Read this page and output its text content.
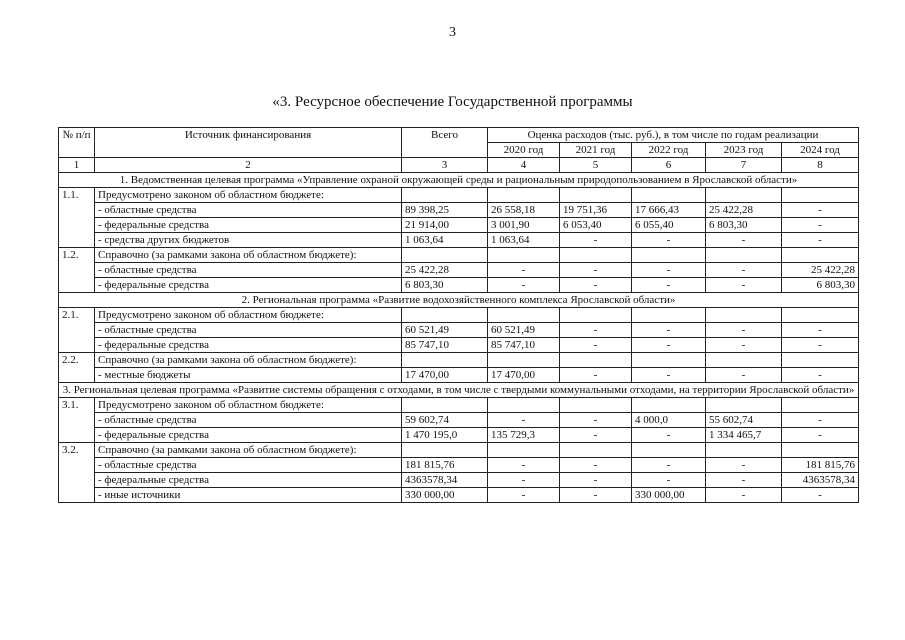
3
«3. Ресурсное обеспечение Государственной программы
№ п/п	Источник финансирования	Всего	Оценка расходов (тыс. руб.), в том числе по годам реализации				
			2020 год	2021 год	2022 год	2023 год	2024 год
1	2	3	4	5	6	7	8
1. Ведомственная целевая программа «Управление охраной окружающей среды и рациональным природопользованием в Ярославской области»							
1.1.	Предусмотрено законом об областном бюджете:						
	- областные средства	89 398,25	26 558,18	19 751,36	17 666,43	25 422,28	-
	- федеральные средства	21 914,00	3 001,90	6 053,40	6 055,40	6 803,30	-
	- средства других бюджетов	1 063,64	1 063,64	-	-	-	-
1.2.	Справочно (за рамками закона об областном бюджете):						
	- областные средства	25 422,28	-	-	-	-	25 422,28
	- федеральные средства	6 803,30	-	-	-	-	6 803,30
2. Региональная программа «Развитие водохозяйственного комплекса Ярославской области»							
2.1.	Предусмотрено законом об областном бюджете:						
	- областные средства	60 521,49	60 521,49	-	-	-	-
	- федеральные средства	85 747,10	85 747,10	-	-	-	-
2.2.	Справочно (за рамками закона об областном бюджете):						
	- местные бюджеты	17 470,00	17 470,00	-	-	-	-
3. Региональная целевая программа «Развитие системы обращения с отходами, в том числе с твердыми коммунальными отходами, на территории Ярославской области»							
3.1.	Предусмотрено законом об областном бюджете:						
	- областные средства	59 602,74	-	-	4 000,0	55 602,74	-
	- федеральные средства	1 470 195,0	135 729,3	-	-	1 334 465,7	-
3.2.	Справочно (за рамками закона об областном бюджете):						
	- областные средства	181 815,76	-	-	-	-	181 815,76
	- федеральные средства	4363578,34	-	-	-	-	4363578,34
	- иные источники	330 000,00	-	-	330 000,00	-	-
